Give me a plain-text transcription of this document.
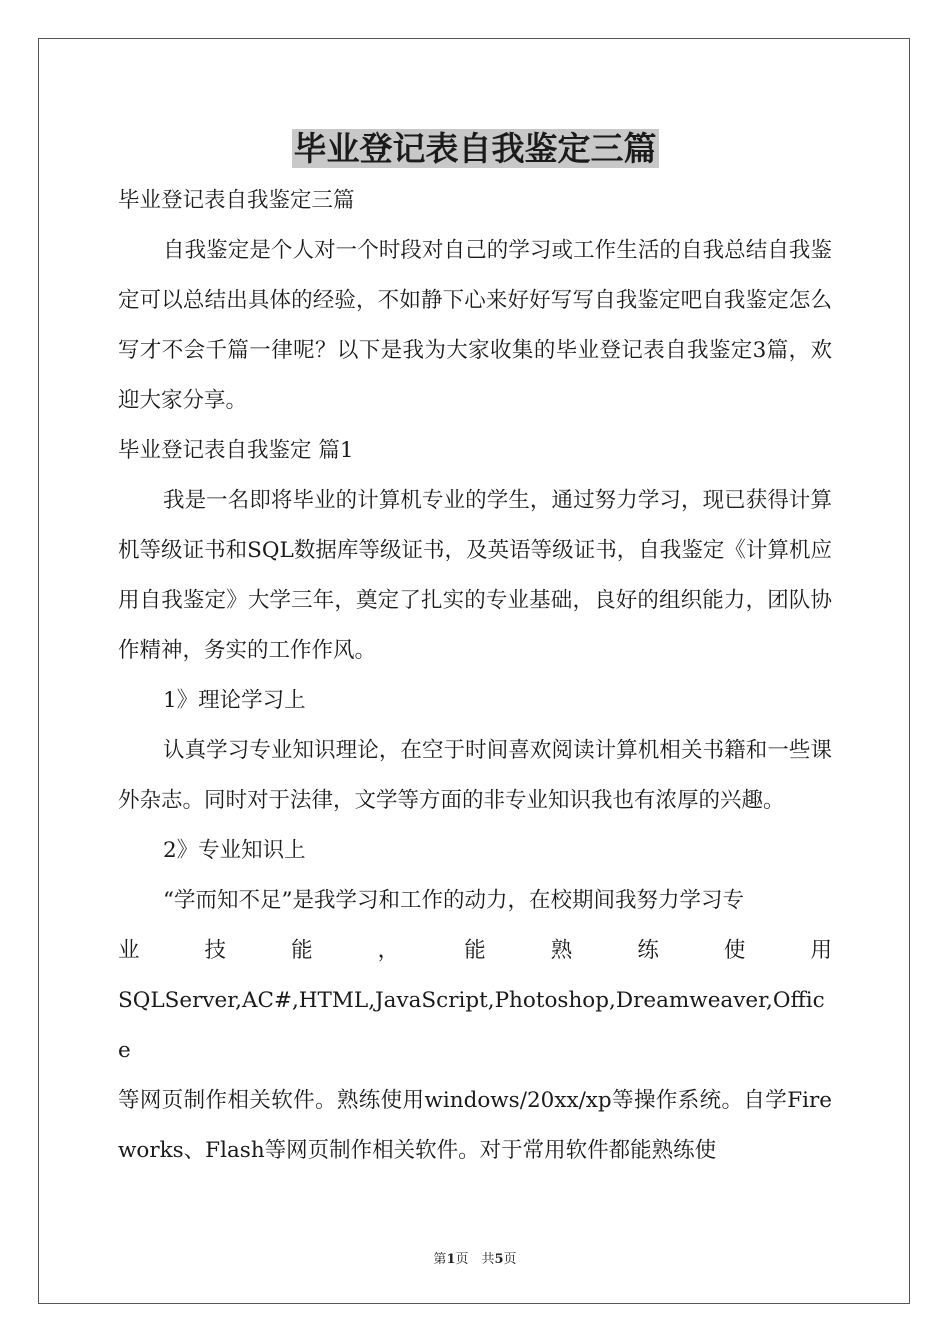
毕业登记表自我鉴定三篇

毕业登记表自我鉴定三篇

自我鉴定是个人对一个时段对自己的学习或工作生活的自我总结自我鉴定可以总结出具体的经验，不如静下心来好好写写自我鉴定吧自我鉴定怎么写才不会千篇一律呢？以下是我为大家收集的毕业登记表自我鉴定3篇，欢迎大家分享。

毕业登记表自我鉴定 篇1

我是一名即将毕业的计算机专业的学生，通过努力学习，现已获得计算机等级证书和SQL数据库等级证书，及英语等级证书，自我鉴定《计算机应用自我鉴定》大学三年，奠定了扎实的专业基础，良好的组织能力，团队协作精神，务实的工作作风。

1》理论学习上

认真学习专业知识理论，在空于时间喜欢阅读计算机相关书籍和一些课外杂志。同时对于法律，文学等方面的非专业知识我也有浓厚的兴趣。

2》专业知识上

“学而知不足”是我学习和工作的动力，在校期间我努力学习专

业技能，能熟练使用

SQLServer,AC#,HTML,JavaScript,Photoshop,Dreamweaver,Office

等网页制作相关软件。熟练使用windows/20xx/xp等操作系统。自学Fireworks、Flash等网页制作相关软件。对于常用软件都能熟练使

第1页　共5页
